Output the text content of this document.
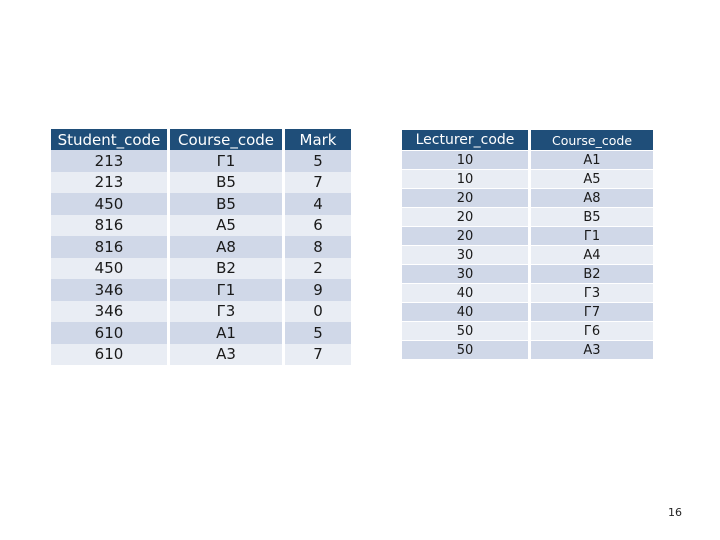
Student_code	Course_code	Mark
213	Г1	5
213	В5	7
450	В5	4
816	А5	6
816	А8	8
450	В2	2
346	Г1	9
346	Г3	0
610	А1	5
610	А3	7
Lecturer_code	Course_code
10	А1
10	А5
20	А8
20	В5
20	Г1
30	А4
30	В2
40	Г3
40	Г7
50	Г6
50	А3
16
